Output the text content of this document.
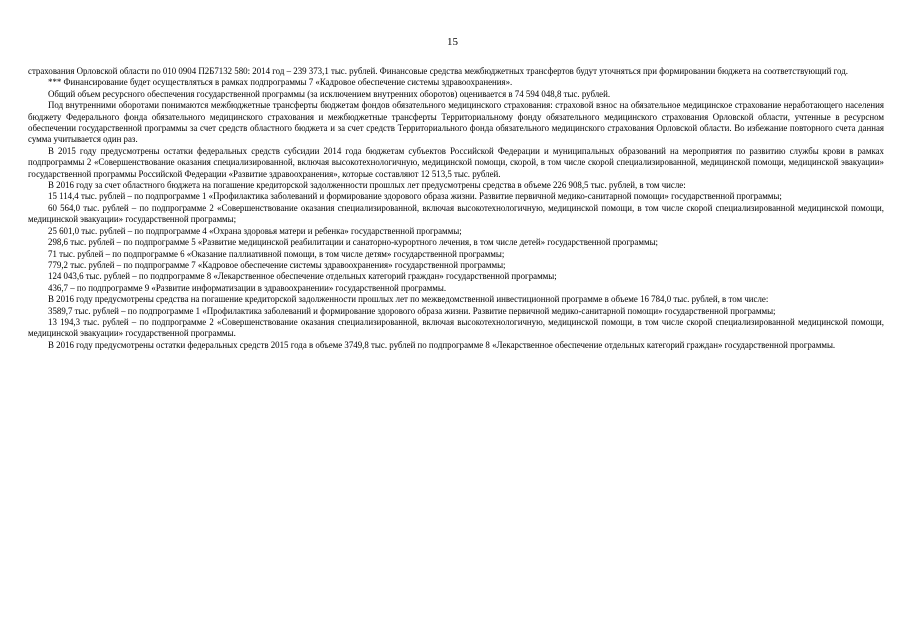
15

страхования Орловской области по 010 0904 П2Б7132 580: 2014 год – 239 373,1 тыс. рублей. Финансовые средства межбюджетных трансфертов будут уточняться при формировании бюджета на соответствующий год.

*** Финансирование будет осуществляться в рамках подпрограммы 7 «Кадровое обеспечение системы здравоохранения».

Общий объем ресурсного обеспечения государственной программы (за исключением внутренних оборотов) оценивается в 74 594 048,8 тыс. рублей.

Под внутренними оборотами понимаются межбюджетные трансферты бюджетам фондов обязательного медицинского страхования: страховой взнос на обязательное медицинское страхование неработающего населения бюджету Федерального фонда обязательного медицинского страхования и межбюджетные трансферты Территориальному фонду обязательного медицинского страхования Орловской области, учтенные в ресурсном обеспечении государственной программы за счет средств областного бюджета и за счет средств Территориального фонда обязательного медицинского страхования Орловской области. Во избежание повторного счета данная сумма учитывается один раз.

В 2015 году предусмотрены остатки федеральных средств субсидии 2014 года бюджетам субъектов Российской Федерации и муниципальных образований на мероприятия по развитию службы крови в рамках подпрограммы 2 «Совершенствование оказания специализированной, включая высокотехнологичную, медицинской помощи, скорой, в том числе скорой специализированной, медицинской помощи, медицинской эвакуации» государственной программы Российской Федерации «Развитие здравоохранения», которые составляют 12 513,5 тыс. рублей.

В 2016 году за счет областного бюджета на погашение кредиторской задолженности прошлых лет предусмотрены средства в объеме 226 908,5 тыс. рублей, в том числе:

15 114,4 тыс. рублей – по подпрограмме 1 «Профилактика заболеваний и формирование здорового образа жизни. Развитие первичной медико-санитарной помощи» государственной программы;

60 564,0 тыс. рублей – по подпрограмме 2 «Совершенствование оказания специализированной, включая высокотехнологичную, медицинской помощи, в том числе скорой специализированной медицинской помощи, медицинской эвакуации» государственной программы;

25 601,0 тыс. рублей – по подпрограмме 4 «Охрана здоровья матери и ребенка» государственной программы;

298,6 тыс. рублей – по подпрограмме 5 «Развитие медицинской реабилитации и санаторно-курортного лечения, в том числе детей» государственной программы;

71 тыс. рублей – по подпрограмме 6 «Оказание паллиативной помощи, в том числе детям» государственной программы;

779,2 тыс. рублей – по подпрограмме 7 «Кадровое обеспечение системы здравоохранения» государственной программы;

124 043,6 тыс. рублей – по подпрограмме 8 «Лекарственное обеспечение отдельных категорий граждан» государственной программы;

436,7 – по подпрограмме 9 «Развитие информатизации в здравоохранении» государственной программы.

В 2016 году предусмотрены средства на погашение кредиторской задолженности прошлых лет по межведомственной инвестиционной программе в объеме 16 784,0 тыс. рублей, в том числе:

3589,7 тыс. рублей – по подпрограмме 1 «Профилактика заболеваний и формирование здорового образа жизни. Развитие первичной медико-санитарной помощи» государственной программы;

13 194,3 тыс. рублей – по подпрограмме 2 «Совершенствование оказания специализированной, включая высокотехнологичную, медицинской помощи, в том числе скорой специализированной медицинской помощи, медицинской эвакуации» государственной программы.

В 2016 году предусмотрены остатки федеральных средств 2015 года в объеме 3749,8 тыс. рублей по подпрограмме 8 «Лекарственное обеспечение отдельных категорий граждан» государственной программы.
